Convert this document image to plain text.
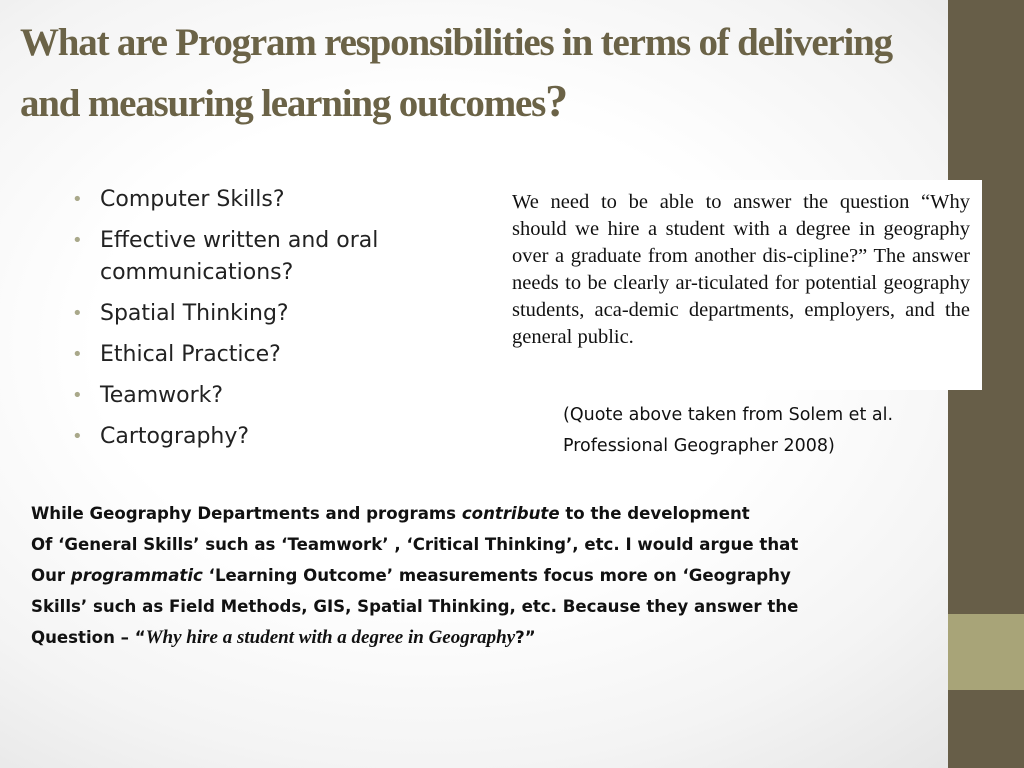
What are Program responsibilities in terms of delivering and measuring learning outcomes?
• Computer Skills?
• Effective written and oral communications?
• Spatial Thinking?
• Ethical Practice?
• Teamwork?
• Cartography?

We need to be able to answer the question “Why should we hire a student with a degree in geography over a graduate from another dis-cipline?” The answer needs to be clearly ar-ticulated for potential geography students, aca-demic departments, employers, and the general public.

(Quote above taken from Solem et al.
Professional Geographer 2008)

While Geography Departments and programs contribute to the development
Of ‘General Skills’ such as ‘Teamwork’ , ‘Critical Thinking’, etc. I would argue that
Our programmatic ‘Learning Outcome’ measurements focus more on ‘Geography
Skills’ such as Field Methods, GIS, Spatial Thinking, etc. Because they answer the
Question – “Why hire a student with a degree in Geography?”
